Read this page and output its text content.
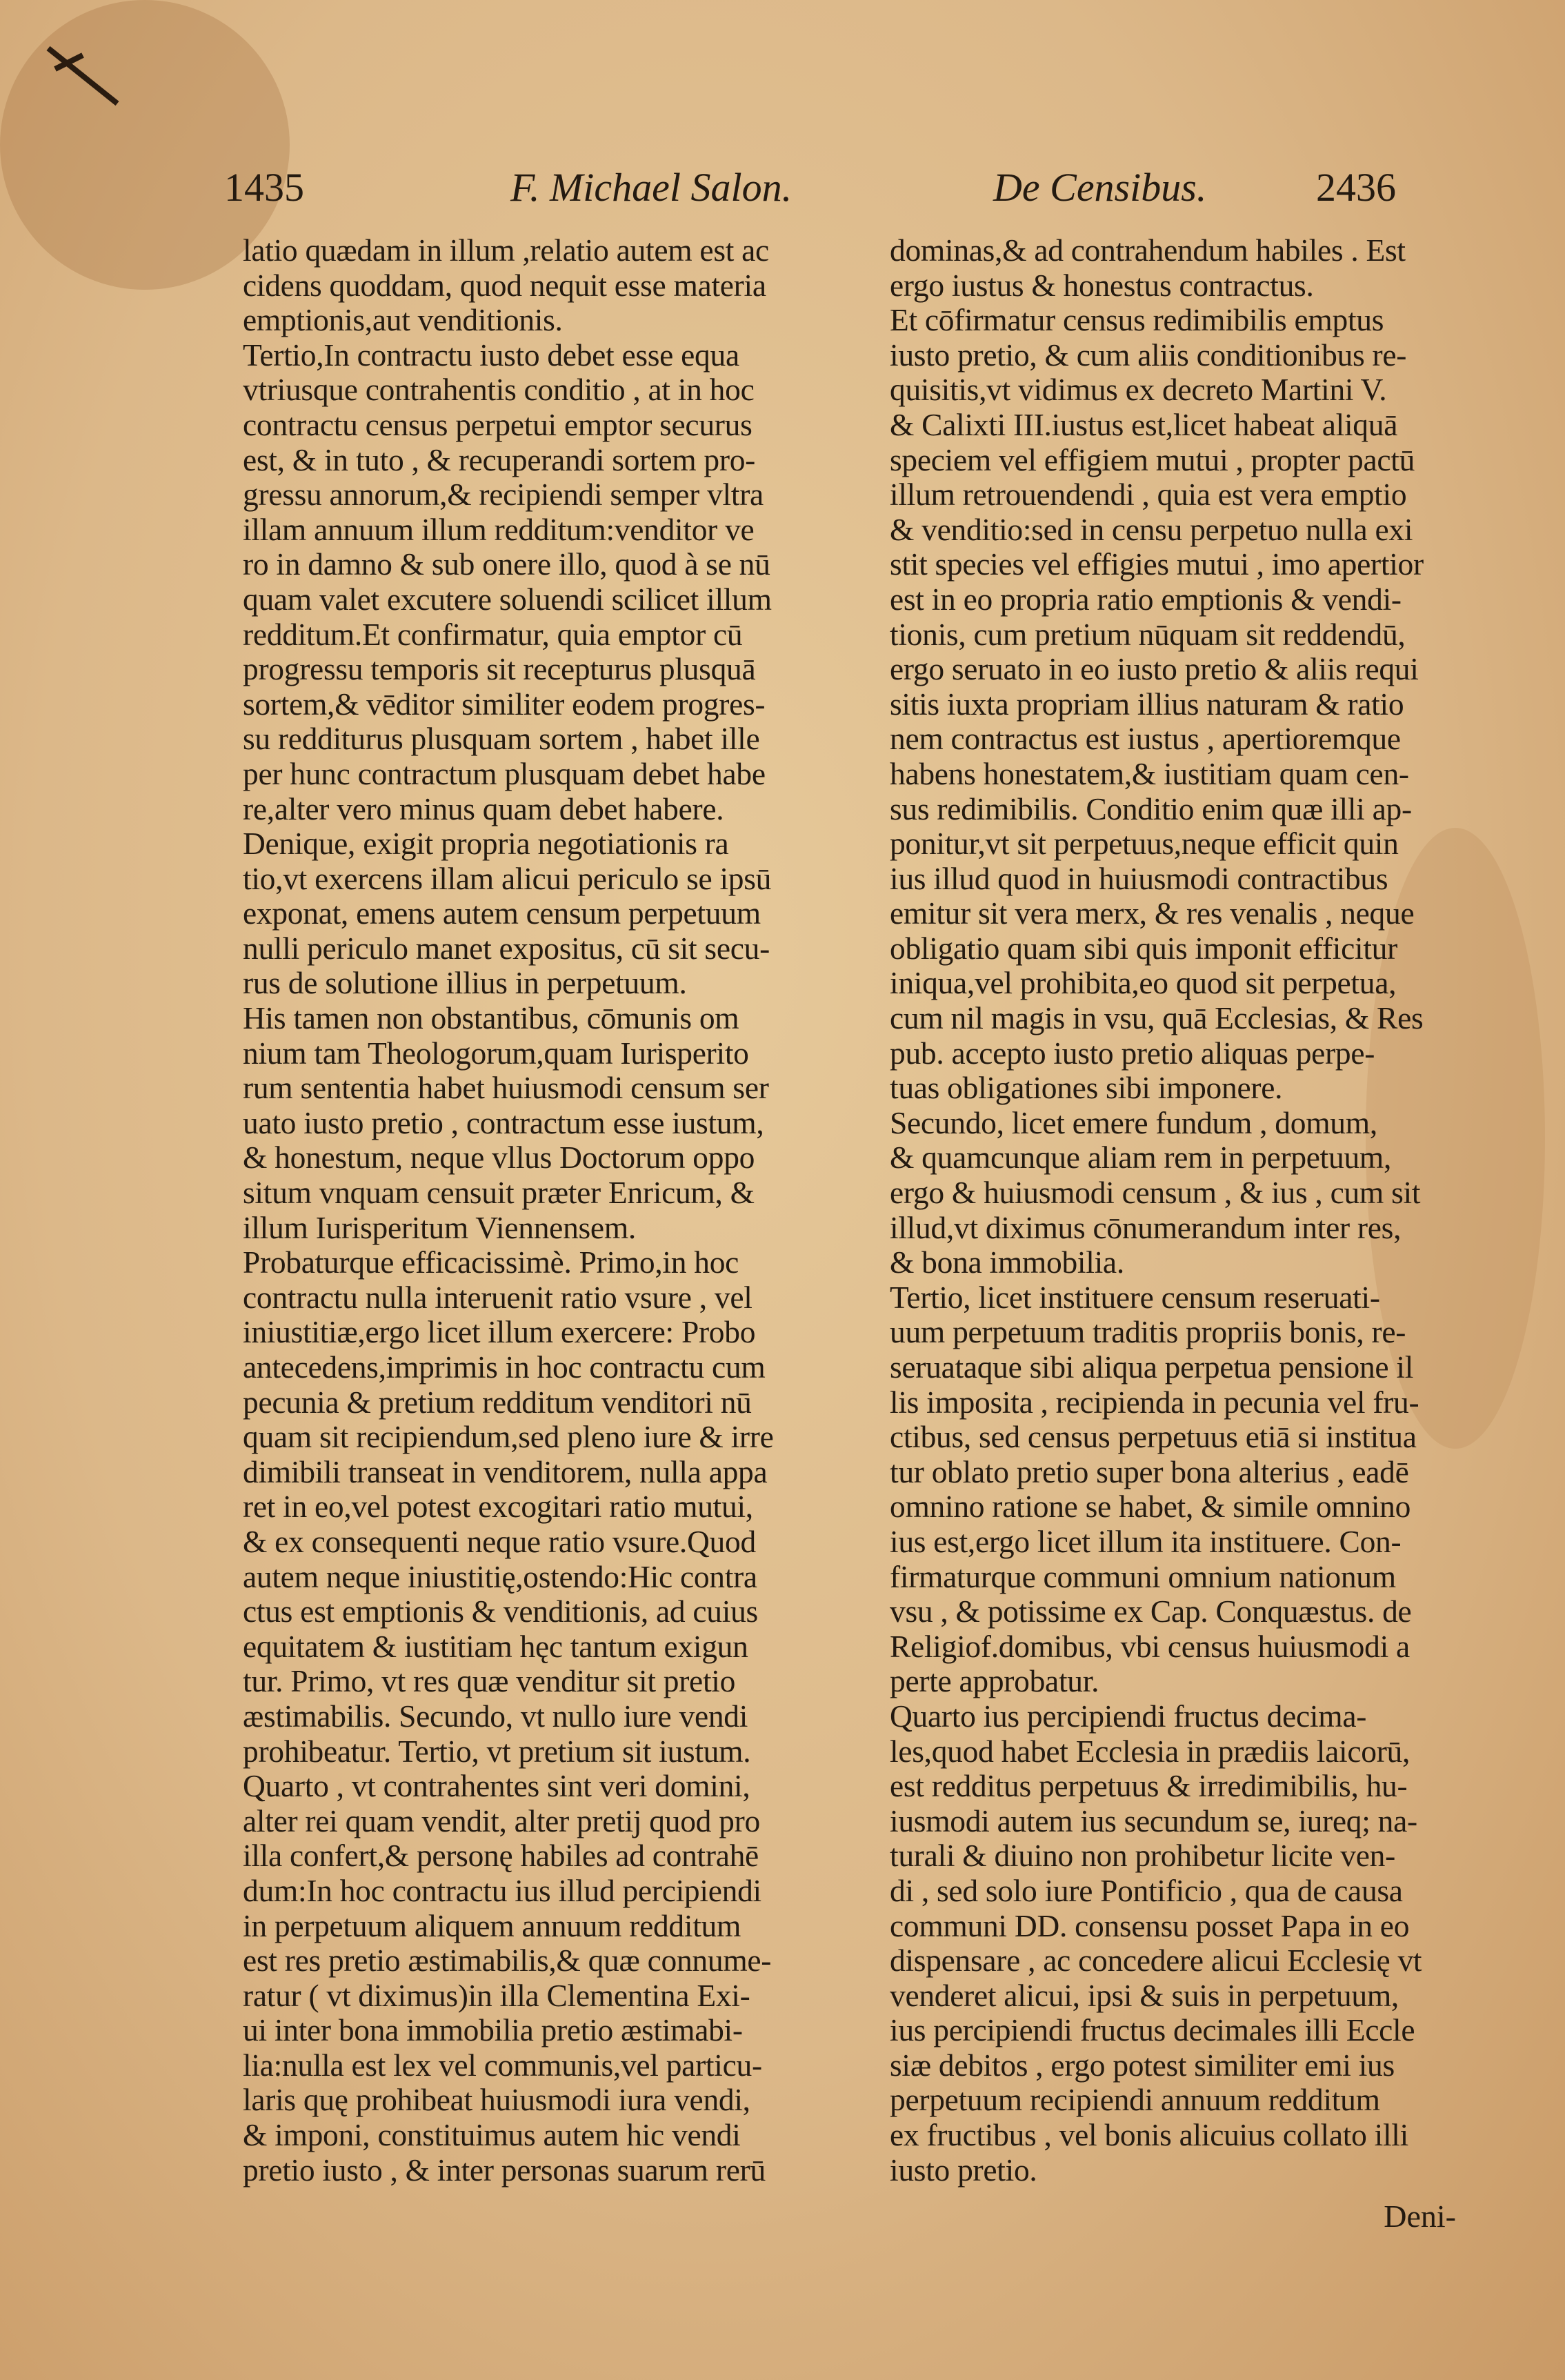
1435	F. Michael Salon.	De Censibus.	2436

latio quædam in illum ,relatio autem est ac

cidens quoddam, quod nequit esse materia

emptionis,aut venditionis.

Tertio,In contractu iusto debet esse equa

vtriusque contrahentis conditio , at in hoc

contractu census perpetui emptor securus

est, & in tuto , & recuperandi sortem pro-

gressu annorum,& recipiendi semper vltra

illam annuum illum redditum:venditor ve

ro in damno & sub onere illo, quod à se nū

quam valet excutere soluendi scilicet illum

redditum.Et confirmatur, quia emptor cū

progressu temporis sit recepturus plusquā

sortem,& vēditor similiter eodem progres-

su redditurus plusquam sortem , habet ille

per hunc contractum plusquam debet habe

re,alter vero minus quam debet habere.

Denique, exigit propria negotiationis ra

tio,vt exercens illam alicui periculo se ipsū

exponat, emens autem censum perpetuum

nulli periculo manet expositus, cū sit secu-

rus de solutione illius in perpetuum.

His tamen non obstantibus, cōmunis om

nium tam Theologorum,quam Iurisperito

rum sententia habet huiusmodi censum ser

uato iusto pretio , contractum esse iustum,

& honestum, neque vllus Doctorum oppo

situm vnquam censuit præter Enricum, &

illum Iurisperitum Viennensem.

Probaturque efficacissimè. Primo,in hoc

contractu nulla interuenit ratio vsure , vel

iniustitiæ,ergo licet illum exercere: Probo

antecedens,imprimis in hoc contractu cum

pecunia & pretium redditum venditori nū

quam sit recipiendum,sed pleno iure & irre

dimibili transeat in venditorem, nulla appa

ret in eo,vel potest excogitari ratio mutui,

& ex consequenti neque ratio vsure.Quod

autem neque iniustitię,ostendo:Hic contra

ctus est emptionis & venditionis, ad cuius

equitatem & iustitiam hęc tantum exigun

tur. Primo, vt res quæ venditur sit pretio

æstimabilis. Secundo, vt nullo iure vendi

prohibeatur. Tertio, vt pretium sit iustum.

Quarto , vt contrahentes sint veri domini,

alter rei quam vendit, alter pretij quod pro

illa confert,& personę habiles ad contrahē

dum:In hoc contractu ius illud percipiendi

in perpetuum aliquem annuum redditum

est res pretio æstimabilis,& quæ connume-

ratur ( vt diximus)in illa Clementina Exi-

ui inter bona immobilia pretio æstimabi-

lia:nulla est lex vel communis,vel particu-

laris quę prohibeat huiusmodi iura vendi,

& imponi, constituimus autem hic vendi

pretio iusto , & inter personas suarum rerū

dominas,& ad contrahendum habiles . Est

ergo iustus & honestus contractus.

Et cōfirmatur census redimibilis emptus

iusto pretio, & cum aliis conditionibus re-

quisitis,vt vidimus ex decreto Martini V.

& Calixti III.iustus est,licet habeat aliquā

speciem vel effigiem mutui , propter pactū

illum retrouendendi , quia est vera emptio

& venditio:sed in censu perpetuo nulla exi

stit species vel effigies mutui , imo apertior

est in eo propria ratio emptionis & vendi-

tionis, cum pretium nūquam sit reddendū,

ergo seruato in eo iusto pretio & aliis requi

sitis iuxta propriam illius naturam & ratio

nem contractus est iustus , apertioremque

habens honestatem,& iustitiam quam cen-

sus redimibilis. Conditio enim quæ illi ap-

ponitur,vt sit perpetuus,neque efficit quin

ius illud quod in huiusmodi contractibus

emitur sit vera merx, & res venalis , neque

obligatio quam sibi quis imponit efficitur

iniqua,vel prohibita,eo quod sit perpetua,

cum nil magis in vsu, quā Ecclesias, & Res

pub. accepto iusto pretio aliquas perpe-

tuas obligationes sibi imponere.

Secundo, licet emere fundum , domum,

& quamcunque aliam rem in perpetuum,

ergo & huiusmodi censum , & ius , cum sit

illud,vt diximus cōnumerandum inter res,

& bona immobilia.

Tertio, licet instituere censum reseruati-

uum perpetuum traditis propriis bonis, re-

seruataque sibi aliqua perpetua pensione il

lis imposita , recipienda in pecunia vel fru-

ctibus, sed census perpetuus etiā si institua

tur oblato pretio super bona alterius , eadē

omnino ratione se habet, & simile omnino

ius est,ergo licet illum ita instituere. Con-

firmaturque communi omnium nationum

vsu , & potissime ex Cap. Conquæstus. de

Religiof.domibus, vbi census huiusmodi a

perte approbatur.

Quarto ius percipiendi fructus decima-

les,quod habet Ecclesia in prædiis laicorū,

est redditus perpetuus & irredimibilis, hu-

iusmodi autem ius secundum se, iureq; na-

turali & diuino non prohibetur licite ven-

di , sed solo iure Pontificio , qua de causa

communi DD. consensu posset Papa in eo

dispensare , ac concedere alicui Ecclesię vt

venderet alicui, ipsi & suis in perpetuum,

ius percipiendi fructus decimales illi Eccle

siæ debitos , ergo potest similiter emi ius

perpetuum recipiendi annuum redditum

ex fructibus , vel bonis alicuius collato illi

iusto pretio.

Deni-
